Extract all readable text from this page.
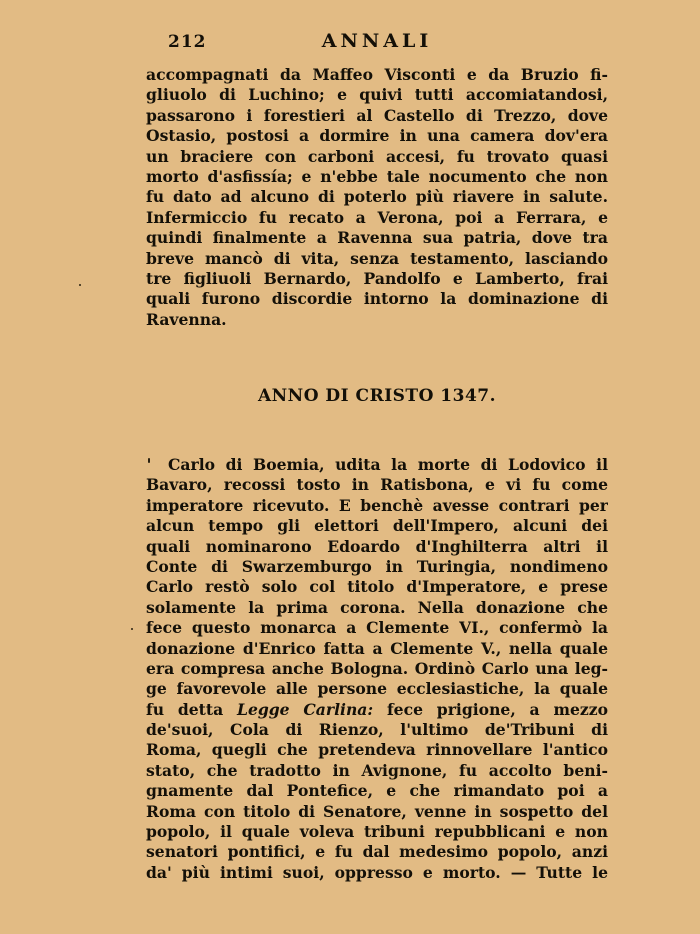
212	ANNALI
accompagnati da Maffeo Visconti e da Bruzio fi-
gliuolo di Luchino; e quivi tutti accomiatandosi,
passarono i forestieri al Castello di Trezzo, dove
Ostasio, postosi a dormire in una camera dov'era
un braciere con carboni accesi, fu trovato quasi
morto d'asfissía; e n'ebbe tale nocumento che non
fu dato ad alcuno di poterlo più riavere in salute.
Infermiccio fu recato a Verona, poi a Ferrara, e
quindi finalmente a Ravenna sua patria, dove tra
breve mancò di vita, senza testamento, lasciando
tre figliuoli Bernardo, Pandolfo e Lamberto, frai
quali furono discordie intorno la dominazione di
Ravenna.
ANNO DI CRISTO 1347.
Carlo di Boemia, udita la morte di Lodovico il
Bavaro, recossi tosto in Ratisbona, e vi fu come
imperatore ricevuto. E benchè avesse contrari per
alcun tempo gli elettori dell'Impero, alcuni dei
quali nominarono Edoardo d'Inghilterra altri il
Conte di Swarzemburgo in Turingia, nondimeno
Carlo restò solo col titolo d'Imperatore, e prese
solamente la prima corona. Nella donazione che
fece questo monarca a Clemente VI., confermò la
donazione d'Enrico fatta a Clemente V., nella quale
era compresa anche Bologna. Ordinò Carlo una leg-
ge favorevole alle persone ecclesiastiche, la quale
fu detta Legge Carlina: fece prigione, a mezzo
de'suoi, Cola di Rienzo, l'ultimo de'Tribuni di
Roma, quegli che pretendeva rinnovellare l'antico
stato, che tradotto in Avignone, fu accolto beni-
gnamente dal Pontefice, e che rimandato poi a
Roma con titolo di Senatore, venne in sospetto del
popolo, il quale voleva tribuni repubblicani e non
senatori pontifici, e fu dal medesimo popolo, anzi
da' più intimi suoi, oppresso e morto. — Tutte le
